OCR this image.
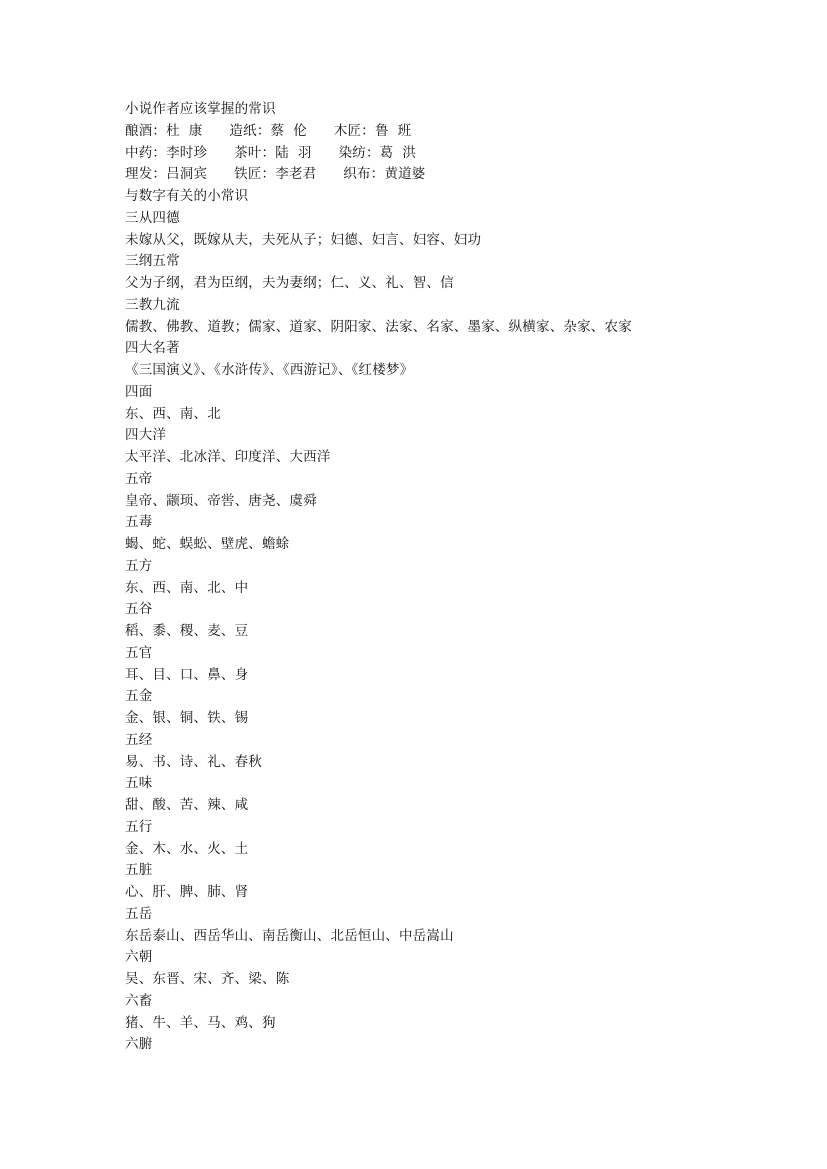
小说作者应该掌握的常识
酿酒：杜  康      造纸：蔡  伦      木匠：鲁  班
中药：李时珍      茶叶：陆  羽      染纺：葛  洪
理发：吕洞宾      铁匠：李老君      织布：黄道婆
与数字有关的小常识
三从四德
未嫁从父，既嫁从夫，夫死从子；妇德、妇言、妇容、妇功
三纲五常
父为子纲，君为臣纲，夫为妻纲；仁、义、礼、智、信
三教九流
儒教、佛教、道教；儒家、道家、阴阳家、法家、名家、墨家、纵横家、杂家、农家
四大名著
《三国演义》、《水浒传》、《西游记》、《红楼梦》
四面
东、西、南、北
四大洋
太平洋、北冰洋、印度洋、大西洋
五帝
皇帝、颛顼、帝喾、唐尧、虞舜
五毒
蝎、蛇、蜈蚣、壁虎、蟾蜍
五方
东、西、南、北、中
五谷
稻、黍、稷、麦、豆
五官
耳、目、口、鼻、身
五金
金、银、铜、铁、锡
五经
易、书、诗、礼、春秋
五味
甜、酸、苦、辣、咸
五行
金、木、水、火、土
五脏
心、肝、脾、肺、肾
五岳
东岳泰山、西岳华山、南岳衡山、北岳恒山、中岳嵩山
六朝
吴、东晋、宋、齐、梁、陈
六畜
猪、牛、羊、马、鸡、狗
六腑
